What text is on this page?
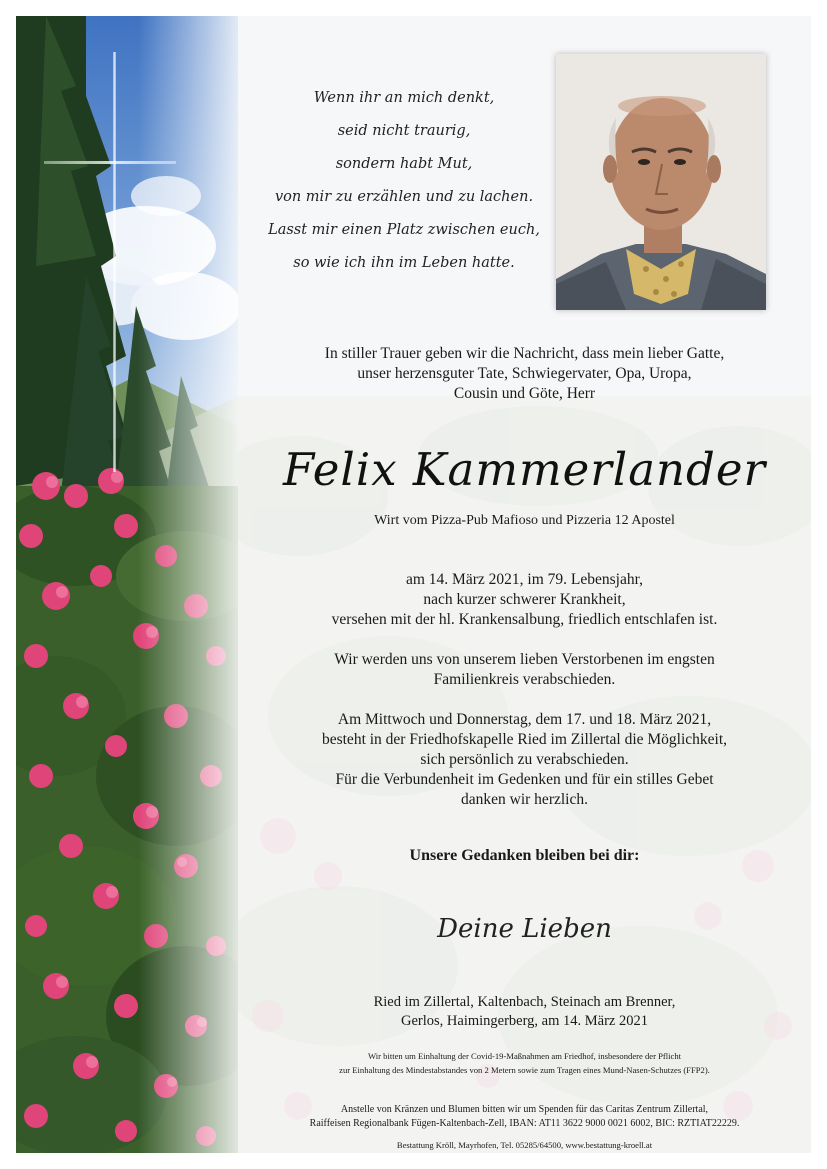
Wenn ihr an mich denkt,
seid nicht traurig,
sondern habt Mut,
von mir zu erzählen und zu lachen.
Lasst mir einen Platz zwischen euch,
so wie ich ihn im Leben hatte.
In stiller Trauer geben wir die Nachricht, dass mein lieber Gatte,
unser herzensguter Tate, Schwiegervater, Opa, Uropa,
Cousin und Göte, Herr
Felix Kammerlander
Wirt vom Pizza-Pub Mafioso und Pizzeria 12 Apostel
am 14. März 2021, im 79. Lebensjahr,
nach kurzer schwerer Krankheit,
versehen mit der hl. Krankensalbung, friedlich entschlafen ist.
Wir werden uns von unserem lieben Verstorbenen im engsten
Familienkreis verabschieden.
Am Mittwoch und Donnerstag, dem 17. und 18. März 2021,
besteht in der Friedhofskapelle Ried im Zillertal die Möglichkeit,
sich persönlich zu verabschieden.
Für die Verbundenheit im Gedenken und für ein stilles Gebet
danken wir herzlich.
Unsere Gedanken bleiben bei dir:
Deine Lieben
Ried im Zillertal, Kaltenbach, Steinach am Brenner,
Gerlos, Haimingerberg, am 14. März 2021
Wir bitten um Einhaltung der Covid-19-Maßnahmen am Friedhof, insbesondere der Pflicht
zur Einhaltung des Mindestabstandes von 2 Metern sowie zum Tragen eines Mund-Nasen-Schutzes (FFP2).
Anstelle von Kränzen und Blumen bitten wir um Spenden für das Caritas Zentrum Zillertal,
Raiffeisen Regionalbank Fügen-Kaltenbach-Zell, IBAN: AT11 3622 9000 0021 6002, BIC: RZTIAT22229.
Bestattung Kröll, Mayrhofen, Tel. 05285/64500, www.bestattung-kroell.at
